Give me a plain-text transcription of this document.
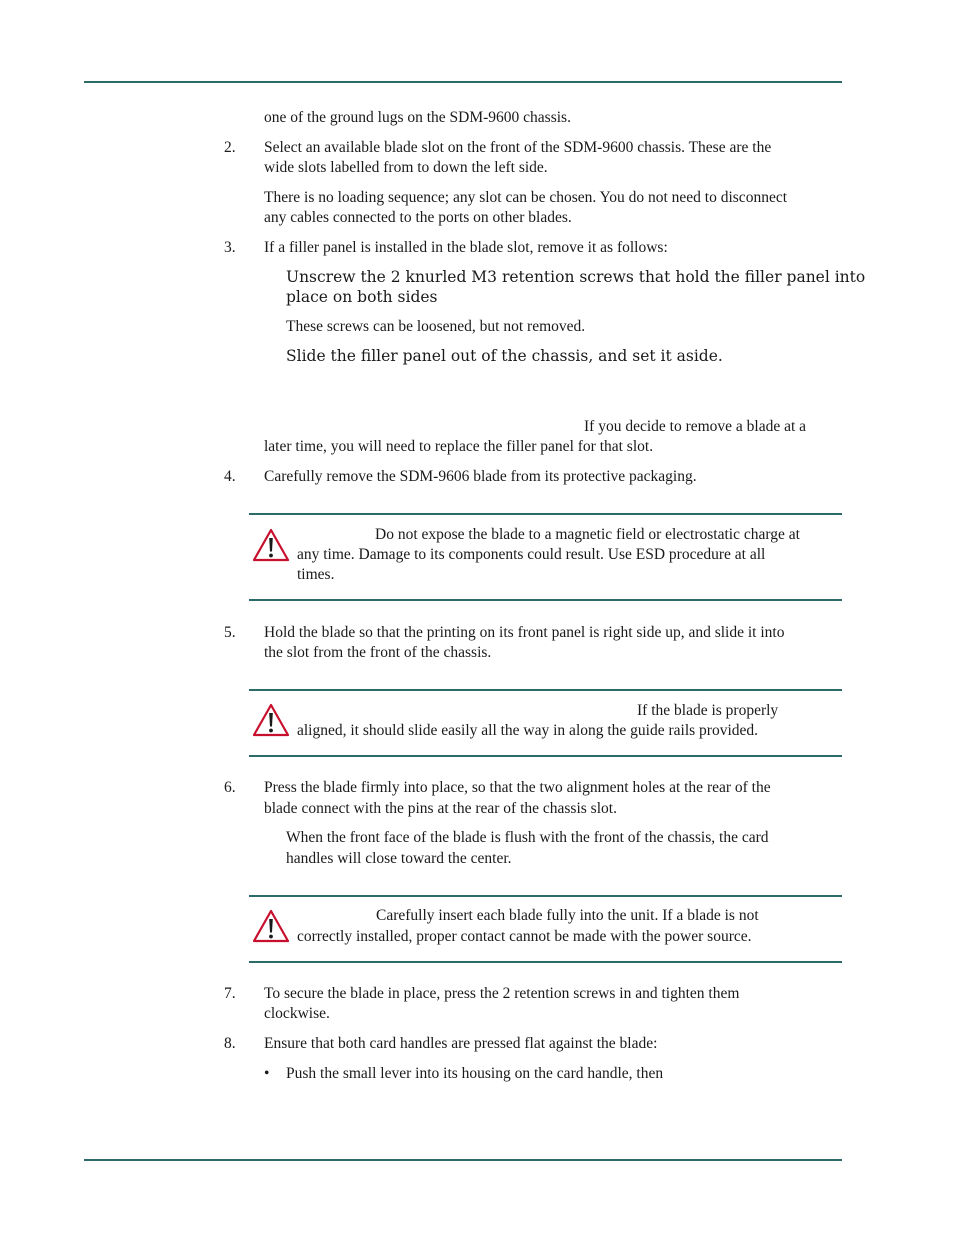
one of the ground lugs on the SDM-9600 chassis.
2. Select an available blade slot on the front of the SDM-9600 chassis. These are the
wide slots labelled from to down the left side.
There is no loading sequence; any slot can be chosen. You do not need to disconnect
any cables connected to the ports on other blades.
3. If a filler panel is installed in the blade slot, remove it as follows:
Unscrew the 2 knurled M3 retention screws that hold the filler panel into
place on both sides
These screws can be loosened, but not removed.
Slide the filler panel out of the chassis, and set it aside.
If you decide to remove a blade at a
later time, you will need to replace the filler panel for that slot.
4. Carefully remove the SDM-9606 blade from its protective packaging.
Do not expose the blade to a magnetic field or electrostatic charge at
any time. Damage to its components could result. Use ESD procedure at all
times.
5. Hold the blade so that the printing on its front panel is right side up, and slide it into
the slot from the front of the chassis.
If the blade is properly
aligned, it should slide easily all the way in along the guide rails provided.
6. Press the blade firmly into place, so that the two alignment holes at the rear of the
blade connect with the pins at the rear of the chassis slot.
When the front face of the blade is flush with the front of the chassis, the card
handles will close toward the center.
Carefully insert each blade fully into the unit. If a blade is not
correctly installed, proper contact cannot be made with the power source.
7. To secure the blade in place, press the 2 retention screws in and tighten them
clockwise.
8. Ensure that both card handles are pressed flat against the blade:
• Push the small lever into its housing on the card handle, then
